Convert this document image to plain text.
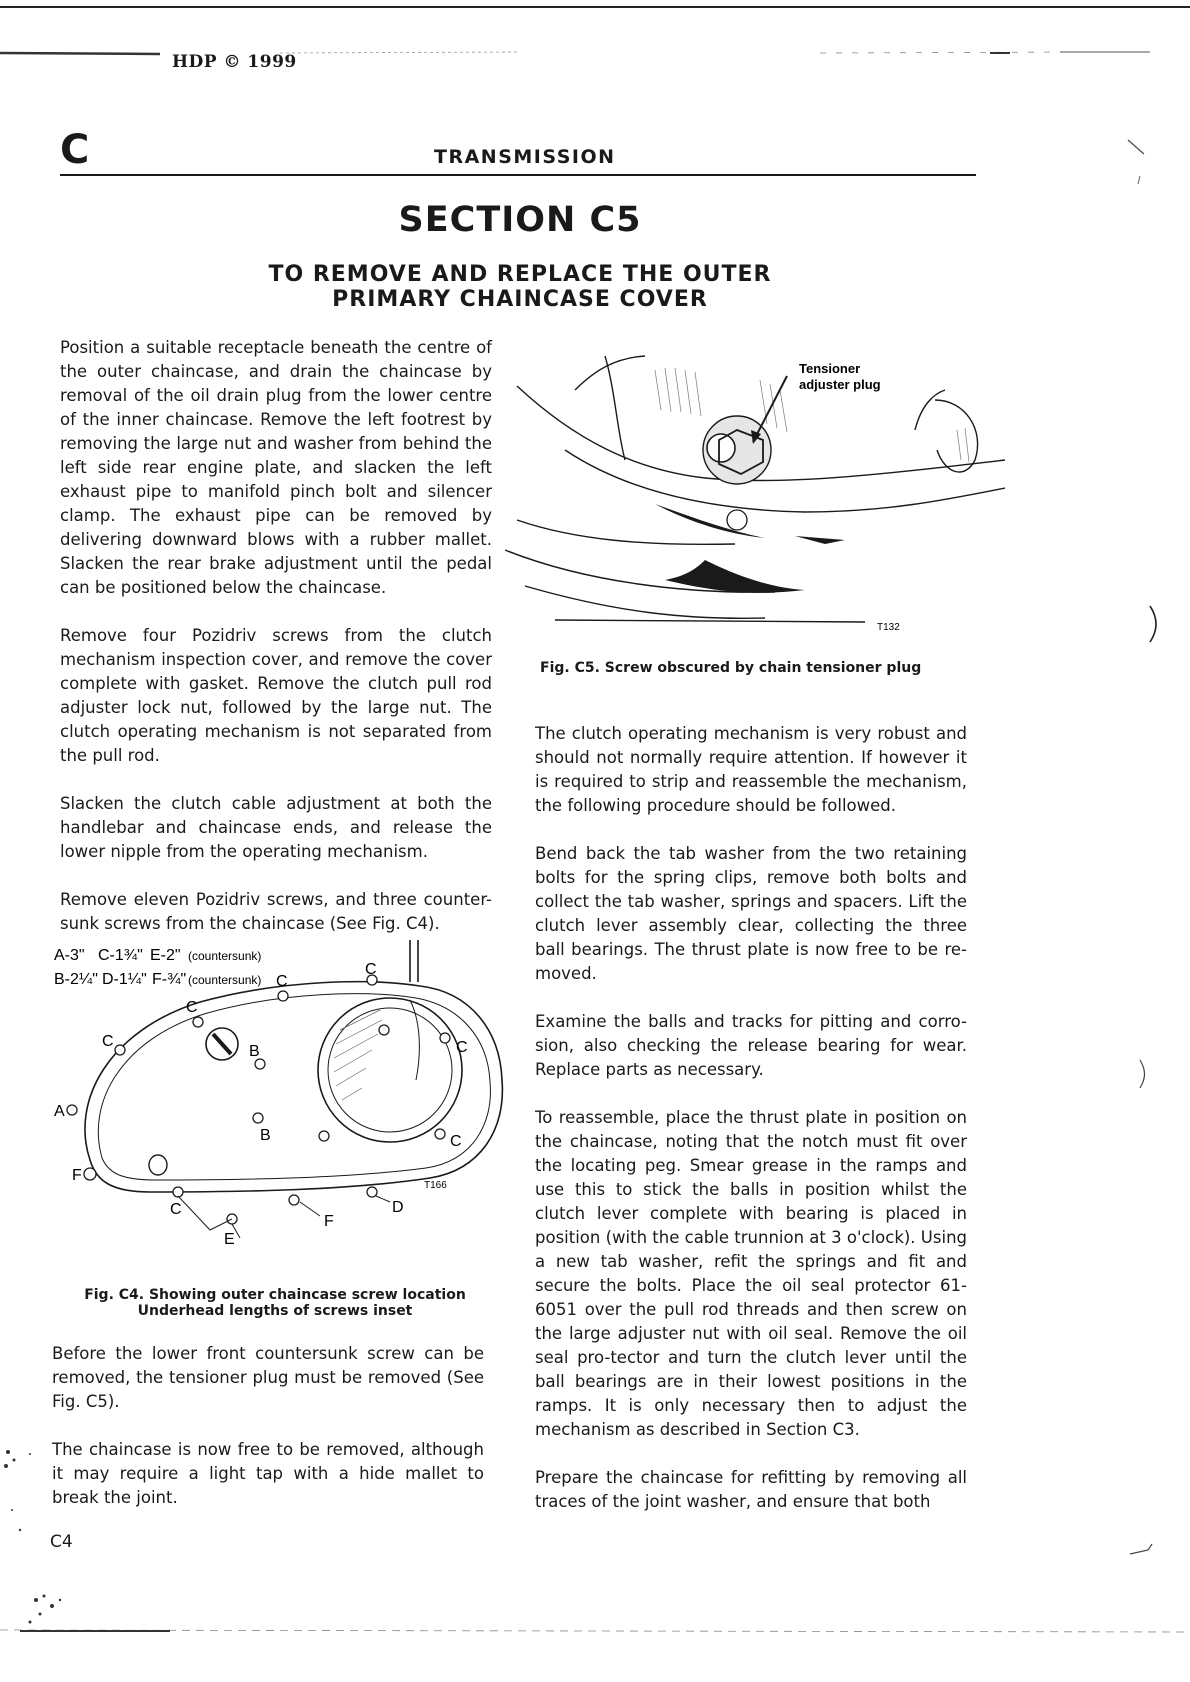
HDP © 1999
C	TRANSMISSION
SECTION C5
TO REMOVE AND REPLACE THE OUTER
PRIMARY CHAINCASE COVER

Position a suitable receptacle beneath the centre of the outer chaincase, and drain the chaincase by removal of the oil drain plug from the lower centre of the inner chaincase. Remove the left footrest by removing the large nut and washer from behind the left side rear engine plate, and slacken the left exhaust pipe to manifold pinch bolt and silencer clamp. The exhaust pipe can be removed by delivering downward blows with a rubber mallet. Slacken the rear brake adjustment until the pedal can be positioned below the chaincase.

Remove four Pozidriv screws from the clutch mechanism inspection cover, and remove the cover complete with gasket. Remove the clutch pull rod adjuster lock nut, followed by the large nut. The clutch operating mechanism is not separated from the pull rod.

Slacken the clutch cable adjustment at both the handlebar and chaincase ends, and release the lower nipple from the operating mechanism.

Remove eleven Pozidriv screws, and three counter-sunk screws from the chaincase (See Fig. C4).

A-3" C-1¾" E-2" (countersunk)
B-2¼" D-1¼" F-¾" (countersunk)
C
C
C
C	C
C
C
B
B
A
F
F
E
D
T166
Fig. C4. Showing outer chaincase screw location
Underhead lengths of screws inset

Before the lower front countersunk screw can be removed, the tensioner plug must be removed (See Fig. C5).

The chaincase is now free to be removed, although it may require a light tap with a hide mallet to break the joint.

Tensioner
adjuster plug
T132
Fig. C5. Screw obscured by chain tensioner plug

The clutch operating mechanism is very robust and should not normally require attention. If however it is required to strip and reassemble the mechanism, the following procedure should be followed.

Bend back the tab washer from the two retaining bolts for the spring clips, remove both bolts and collect the tab washer, springs and spacers. Lift the clutch lever assembly clear, collecting the three ball bearings. The thrust plate is now free to be re-moved.

Examine the balls and tracks for pitting and corro-sion, also checking the release bearing for wear. Replace parts as necessary.

To reassemble, place the thrust plate in position on the chaincase, noting that the notch must fit over the locating peg. Smear grease in the ramps and use this to stick the balls in position whilst the clutch lever complete with bearing is placed in position (with the cable trunnion at 3 o'clock). Using a new tab washer, refit the springs and fit and secure the bolts. Place the oil seal protector 61-6051 over the pull rod threads and then screw on the large adjuster nut with oil seal. Remove the oil seal pro-tector and turn the clutch lever until the ball bearings are in their lowest positions in the ramps. It is only necessary then to adjust the mechanism as described in Section C3.

Prepare the chaincase for refitting by removing all traces of the joint washer, and ensure that both

C4
